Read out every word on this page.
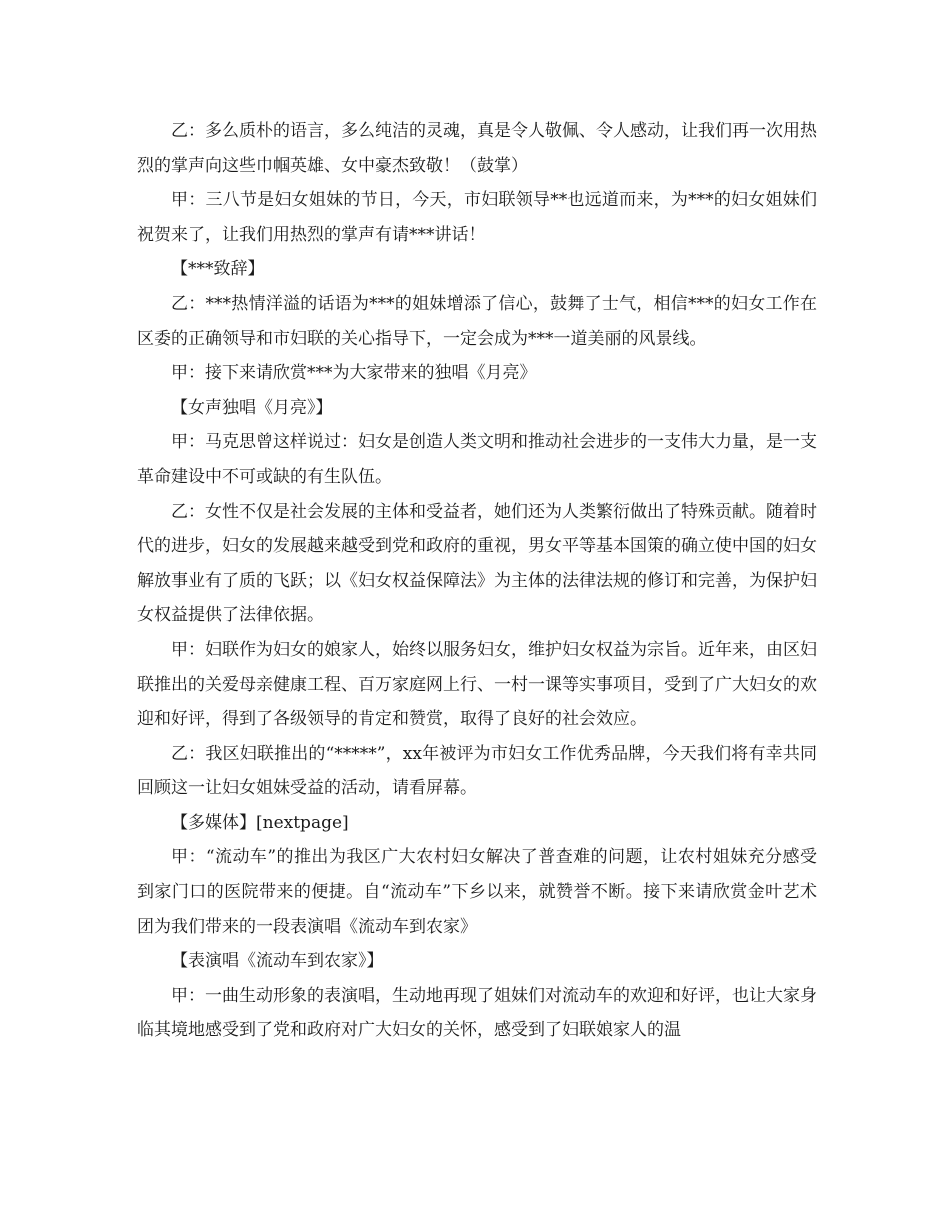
乙：多么质朴的语言，多么纯洁的灵魂，真是令人敬佩、令人感动，让我们再一次用热烈的掌声向这些巾帼英雄、女中豪杰致敬！（鼓掌）

甲：三八节是妇女姐妹的节日，今天，市妇联领导**也远道而来，为***的妇女姐妹们祝贺来了，让我们用热烈的掌声有请***讲话！

【***致辞】

乙：***热情洋溢的话语为***的姐妹增添了信心，鼓舞了士气，相信***的妇女工作在区委的正确领导和市妇联的关心指导下，一定会成为***一道美丽的风景线。

甲：接下来请欣赏***为大家带来的独唱《月亮》

【女声独唱《月亮》】

甲：马克思曾这样说过：妇女是创造人类文明和推动社会进步的一支伟大力量，是一支革命建设中不可或缺的有生队伍。

乙：女性不仅是社会发展的主体和受益者，她们还为人类繁衍做出了特殊贡献。随着时代的进步，妇女的发展越来越受到党和政府的重视，男女平等基本国策的确立使中国的妇女解放事业有了质的飞跃；以《妇女权益保障法》为主体的法律法规的修订和完善，为保护妇女权益提供了法律依据。

甲：妇联作为妇女的娘家人，始终以服务妇女，维护妇女权益为宗旨。近年来，由区妇联推出的关爱母亲健康工程、百万家庭网上行、一村一课等实事项目，受到了广大妇女的欢迎和好评，得到了各级领导的肯定和赞赏，取得了良好的社会效应。

乙：我区妇联推出的“*****”，xx年被评为市妇女工作优秀品牌，今天我们将有幸共同回顾这一让妇女姐妹受益的活动，请看屏幕。

【多媒体】[nextpage]

甲：“流动车”的推出为我区广大农村妇女解决了普查难的问题，让农村姐妹充分感受到家门口的医院带来的便捷。自“流动车”下乡以来，就赞誉不断。接下来请欣赏金叶艺术团为我们带来的一段表演唱《流动车到农家》

【表演唱《流动车到农家》】

甲：一曲生动形象的表演唱，生动地再现了姐妹们对流动车的欢迎和好评，也让大家身临其境地感受到了党和政府对广大妇女的关怀，感受到了妇联娘家人的温
